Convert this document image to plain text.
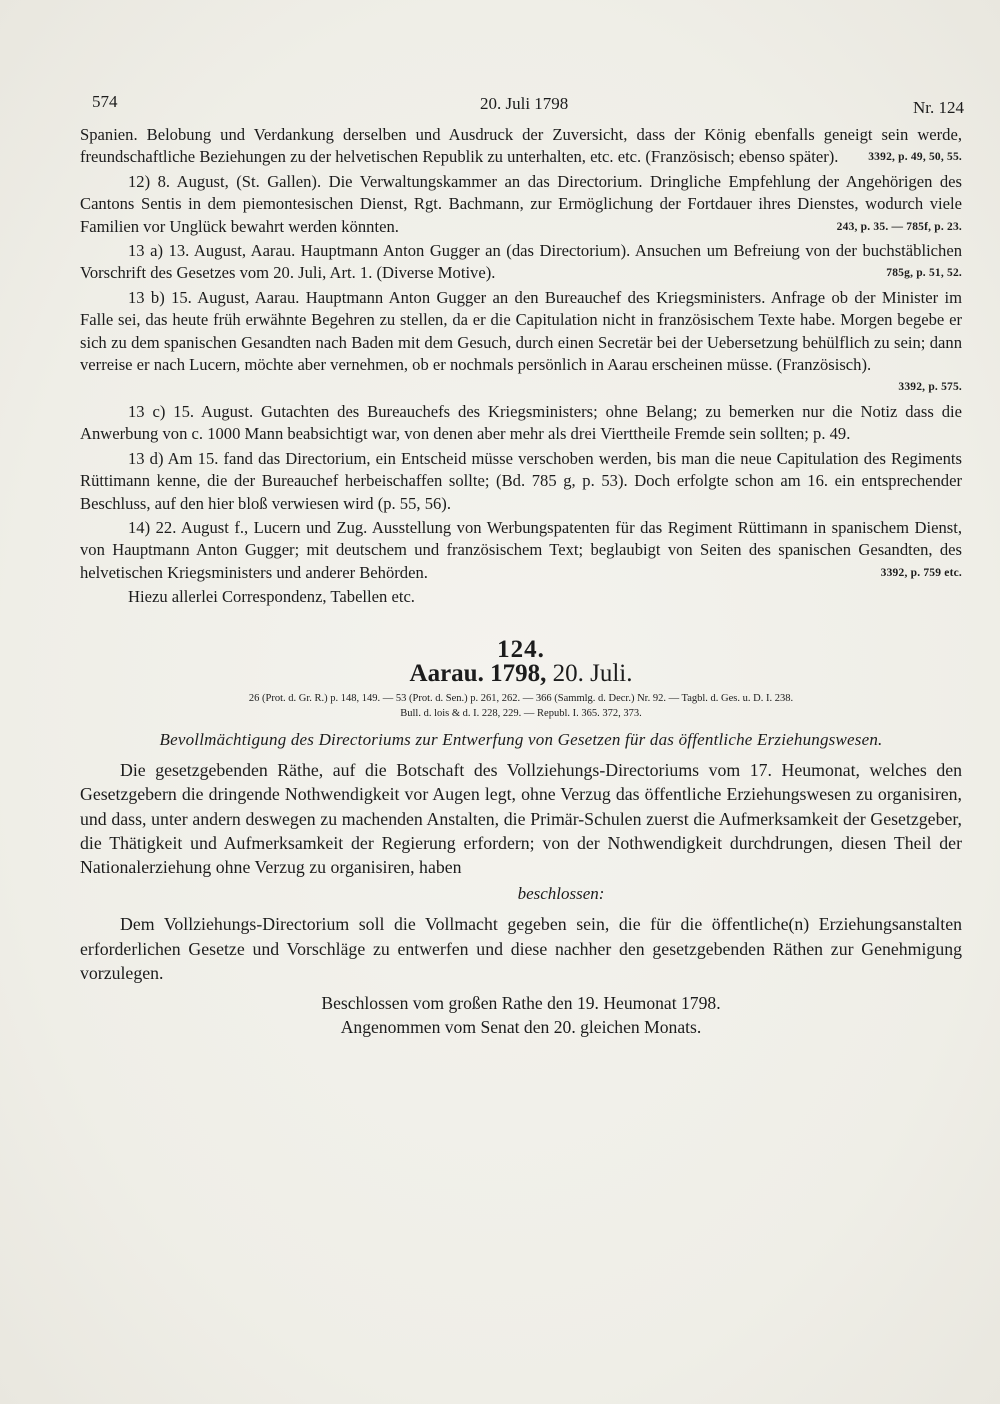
574	20. Juli 1798	Nr. 124

Spanien. Belobung und Verdankung derselben und Ausdruck der Zuversicht, dass der König ebenfalls geneigt sein werde, freundschaftliche Beziehungen zu der helvetischen Republik zu unterhalten, etc. etc. (Französisch; ebenso später).	3392, p. 49, 50, 55.

12) 8. August, (St. Gallen). Die Verwaltungskammer an das Directorium. Dringliche Empfehlung der Angehörigen des Cantons Sentis in dem piemontesischen Dienst, Rgt. Bachmann, zur Ermöglichung der Fortdauer ihres Dienstes, wodurch viele Familien vor Unglück bewahrt werden könnten.	243, p. 35. — 785f, p. 23.

13 a) 13. August, Aarau. Hauptmann Anton Gugger an (das Directorium). Ansuchen um Befreiung von der buchstäblichen Vorschrift des Gesetzes vom 20. Juli, Art. 1. (Diverse Motive).	785g, p. 51, 52.

13 b) 15. August, Aarau. Hauptmann Anton Gugger an den Bureauchef des Kriegsministers. Anfrage ob der Minister im Falle sei, das heute früh erwähnte Begehren zu stellen, da er die Capitulation nicht in französischem Texte habe. Morgen begebe er sich zu dem spanischen Gesandten nach Baden mit dem Gesuch, durch einen Secretär bei der Uebersetzung behülflich zu sein; dann verreise er nach Lucern, möchte aber vernehmen, ob er nochmals persönlich in Aarau erscheinen müsse. (Französisch).
3392, p. 575.

13 c) 15. August. Gutachten des Bureauchefs des Kriegsministers; ohne Belang; zu bemerken nur die Notiz dass die Anwerbung von c. 1000 Mann beabsichtigt war, von denen aber mehr als drei Vierttheile Fremde sein sollten; p. 49.

13 d) Am 15. fand das Directorium, ein Entscheid müsse verschoben werden, bis man die neue Capitulation des Regiments Rüttimann kenne, die der Bureauchef herbeischaffen sollte; (Bd. 785 g, p. 53). Doch erfolgte schon am 16. ein entsprechender Beschluss, auf den hier bloß verwiesen wird (p. 55, 56).

14) 22. August f., Lucern und Zug. Ausstellung von Werbungspatenten für das Regiment Rüttimann in spanischem Dienst, von Hauptmann Anton Gugger; mit deutschem und französischem Text; beglaubigt von Seiten des spanischen Gesandten, des helvetischen Kriegsministers und anderer Behörden.	3392, p. 759 etc.

Hiezu allerlei Correspondenz, Tabellen etc.

124.
Aarau. 1798, 20. Juli.
26 (Prot. d. Gr. R.) p. 148, 149. — 53 (Prot. d. Sen.) p. 261, 262. — 366 (Sammlg. d. Decr.) Nr. 92. — Tagbl. d. Ges. u. D. I. 238.
Bull. d. lois & d. I. 228, 229. — Republ. I. 365. 372, 373.
Bevollmächtigung des Directoriums zur Entwerfung von Gesetzen für das öffentliche Erziehungswesen.

Die gesetzgebenden Räthe, auf die Botschaft des Vollziehungs-Directoriums vom 17. Heumonat, welches den Gesetzgebern die dringende Nothwendigkeit vor Augen legt, ohne Verzug das öffentliche Erziehungswesen zu organisiren, und dass, unter andern deswegen zu machenden Anstalten, die Primär-Schulen zuerst die Aufmerksamkeit der Gesetzgeber, die Thätigkeit und Aufmerksamkeit der Regierung erfordern; von der Nothwendigkeit durchdrungen, diesen Theil der Nationalerziehung ohne Verzug zu organisiren, haben

beschlossen:

Dem Vollziehungs-Directorium soll die Vollmacht gegeben sein, die für die öffentliche(n) Erziehungsanstalten erforderlichen Gesetze und Vorschläge zu entwerfen und diese nachher den gesetzgebenden Räthen zur Genehmigung vorzulegen.

Beschlossen vom großen Rathe den 19. Heumonat 1798.
Angenommen vom Senat den 20. gleichen Monats.
